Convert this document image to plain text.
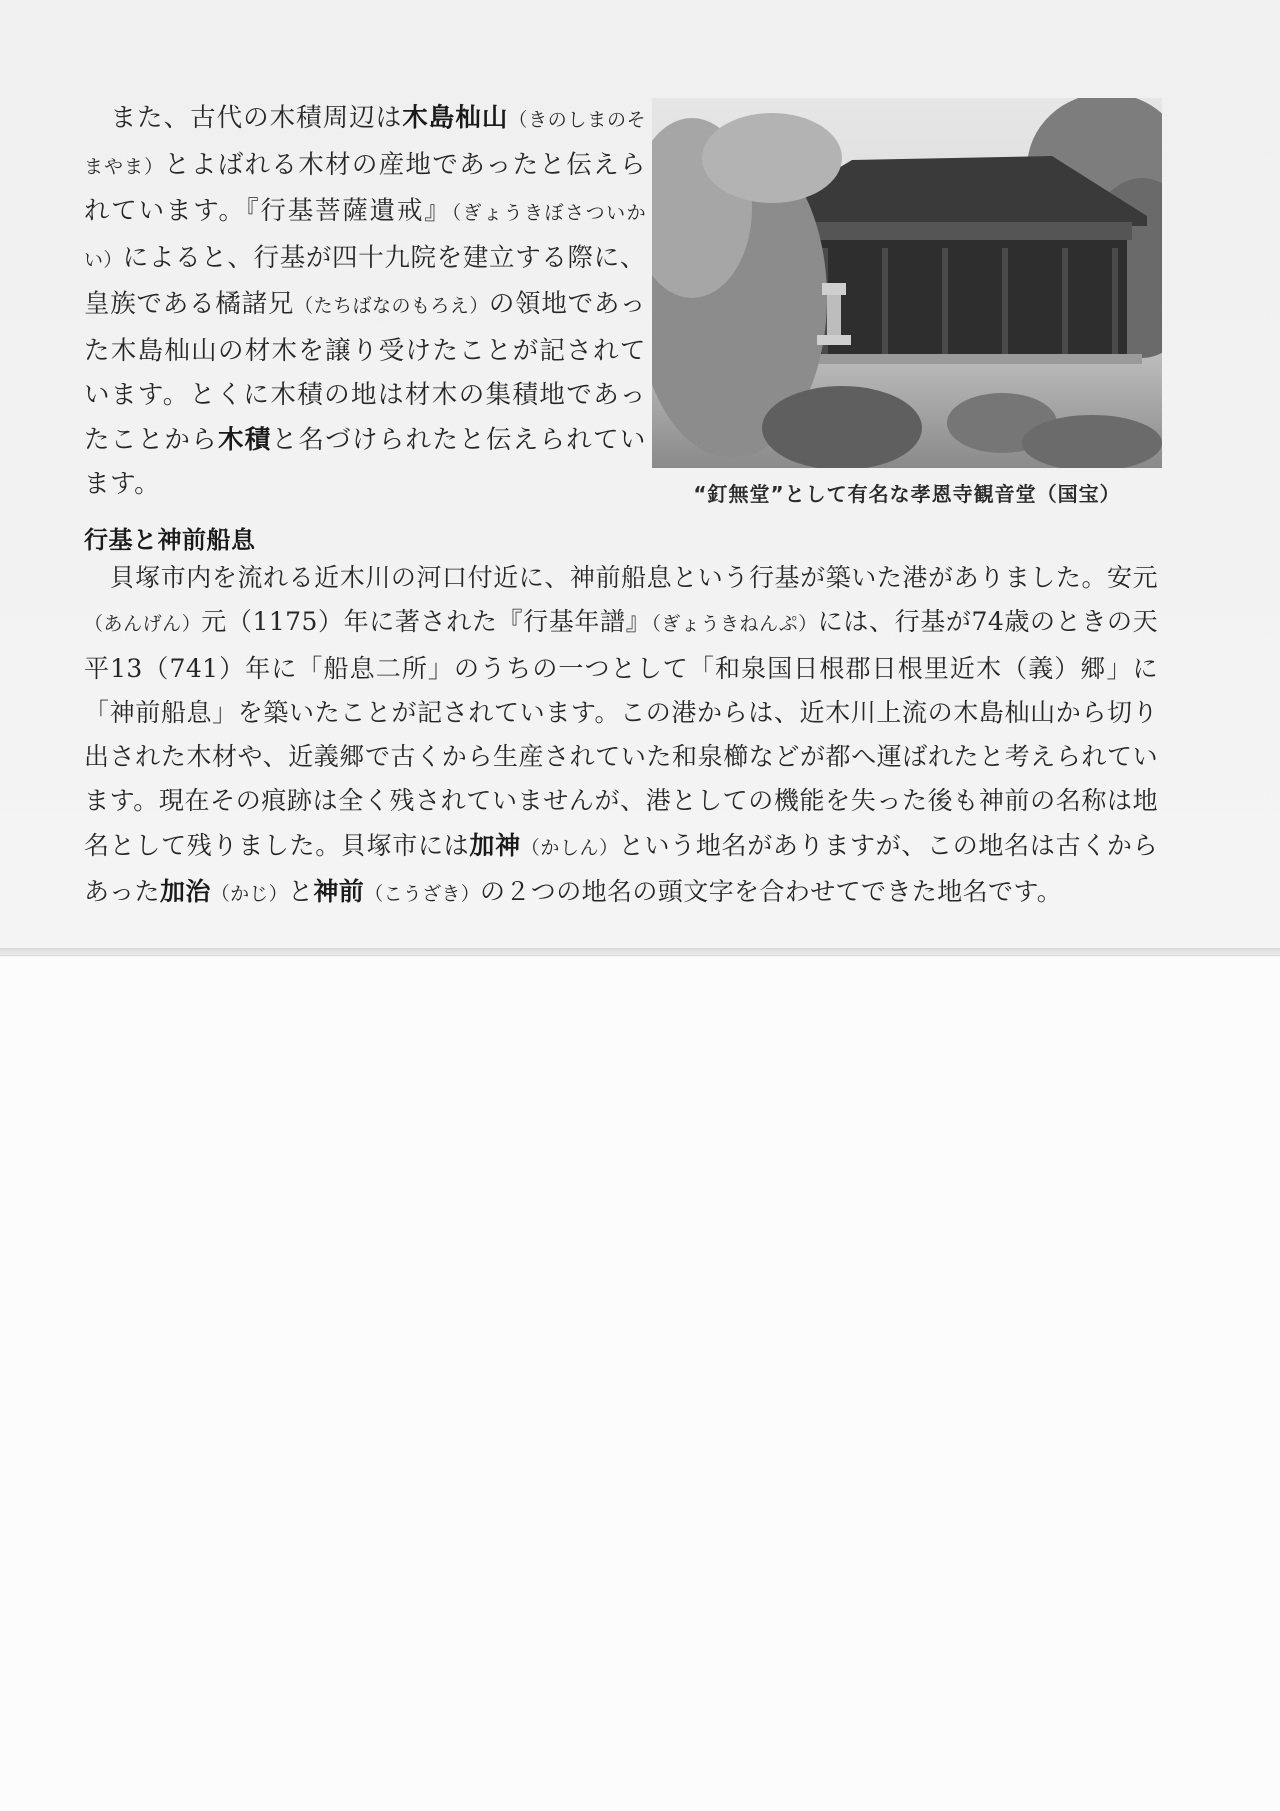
　また、古代の木積周辺は木島杣山（きのしまのそまやま）とよばれる木材の産地であったと伝えられています。『行基菩薩遺戒』（ぎょうきぼさついかい）によると、行基が四十九院を建立する際に、皇族である橘諸兄（たちばなのもろえ）の領地であった木島杣山の材木を譲り受けたことが記されています。とくに木積の地は材木の集積地であったことから木積と名づけられたと伝えられています。	“釘無堂”として有名な孝恩寺観音堂（国宝）
行基と神前船息

　貝塚市内を流れる近木川の河口付近に、神前船息という行基が築いた港がありました。安元（あんげん）元（1175）年に著された『行基年譜』（ぎょうきねんぷ）には、行基が74歳のときの天平13（741）年に「船息二所」のうちの一つとして「和泉国日根郡日根里近木（義）郷」に「神前船息」を築いたことが記されています。この港からは、近木川上流の木島杣山から切り出された木材や、近義郷で古くから生産されていた和泉櫛などが都へ運ばれたと考えられています。現在その痕跡は全く残されていませんが、港としての機能を失った後も神前の名称は地名として残りました。貝塚市には加神（かしん）という地名がありますが、この地名は古くからあった加治（かじ）と神前（こうざき）の２つの地名の頭文字を合わせてできた地名です。
